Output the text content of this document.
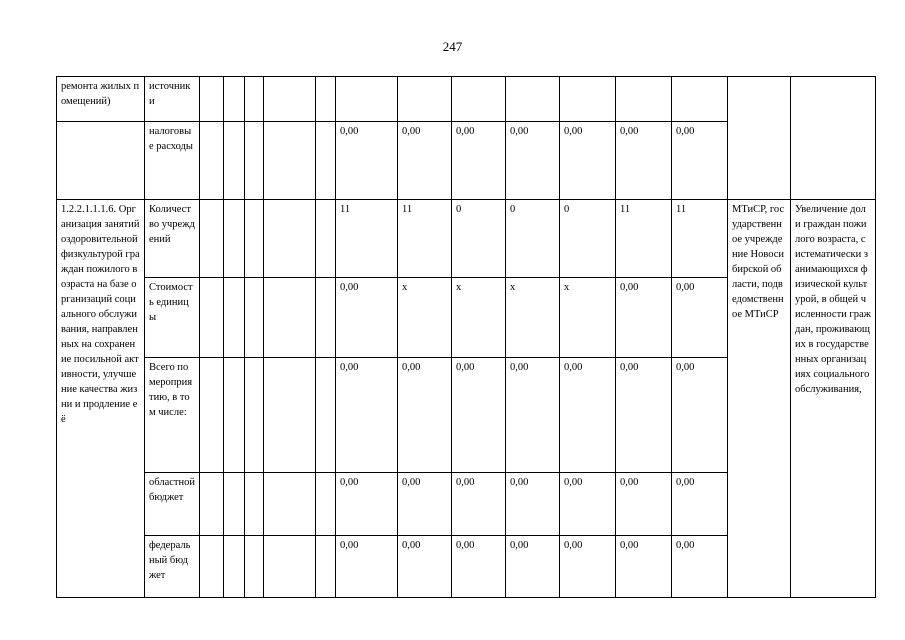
247
ремонта жилых помещений)	источники														
	налоговые расходы						0,00	0,00	0,00	0,00	0,00	0,00	0,00		
1.2.2.1.1.1.6. Организация занятий оздоровительной физкультурой граждан пожилого возраста на базе организаций социального обслуживания, направленных на сохранение посильной активности, улучшение качества жизни и продление её	Количество учреждений						11	11	0	0	0	11	11	МТиСР, государственное учреждение Новосибирской области, подведомственное МТиСР	Увеличение доли граждан пожилого возраста, систематически занимающихся физической культурой, в общей численности граждан, проживающих в государственных организациях социального обслуживания,
	Стоимость единицы						0,00	x	x	x	x	0,00	0,00		
	Всего по мероприятию, в том числе:						0,00	0,00	0,00	0,00	0,00	0,00	0,00		
	областной бюджет						0,00	0,00	0,00	0,00	0,00	0,00	0,00		
	федеральный бюджет						0,00	0,00	0,00	0,00	0,00	0,00	0,00		
